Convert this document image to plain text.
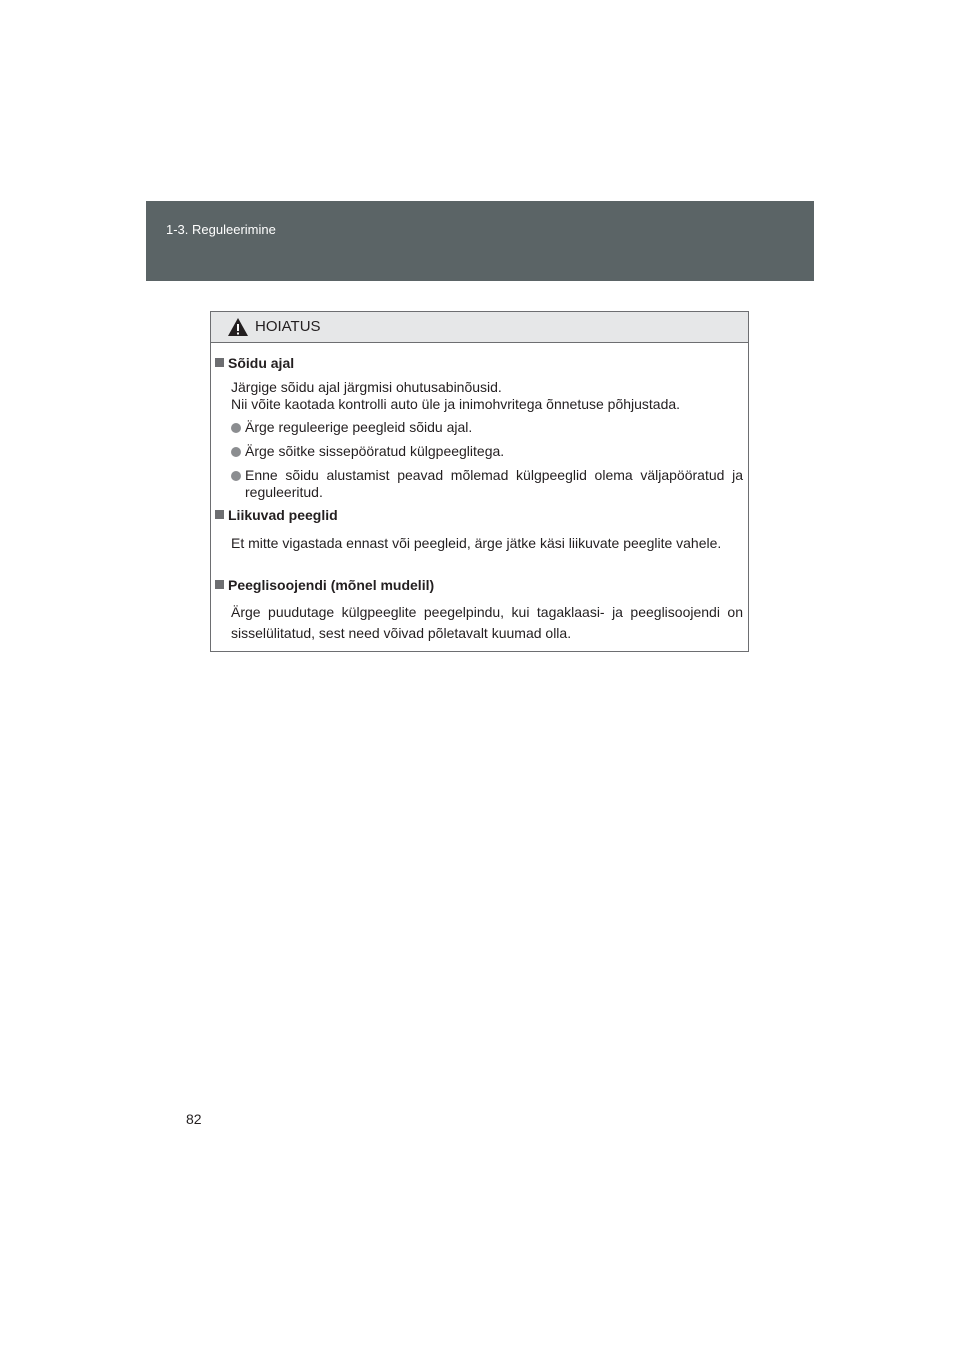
1-3. Reguleerimine
HOIATUS
Sõidu ajal
Järgige sõidu ajal järgmisi ohutusabinõusid.
Nii võite kaotada kontrolli auto üle ja inimohvritega õnnetuse põhjustada.
Ärge reguleerige peegleid sõidu ajal.
Ärge sõitke sissepööratud külgpeeglitega.
Enne sõidu alustamist peavad mõlemad külgpeeglid olema väljapööratud ja reguleeritud.
Liikuvad peeglid
Et mitte vigastada ennast või peegleid, ärge jätke käsi liikuvate peeglite vahele.
Peeglisoojendi (mõnel mudelil)
Ärge puudutage külgpeeglite peegelpindu, kui tagaklaasi- ja peeglisoojendi on sisselülitatud, sest need võivad põletavalt kuumad olla.
82
